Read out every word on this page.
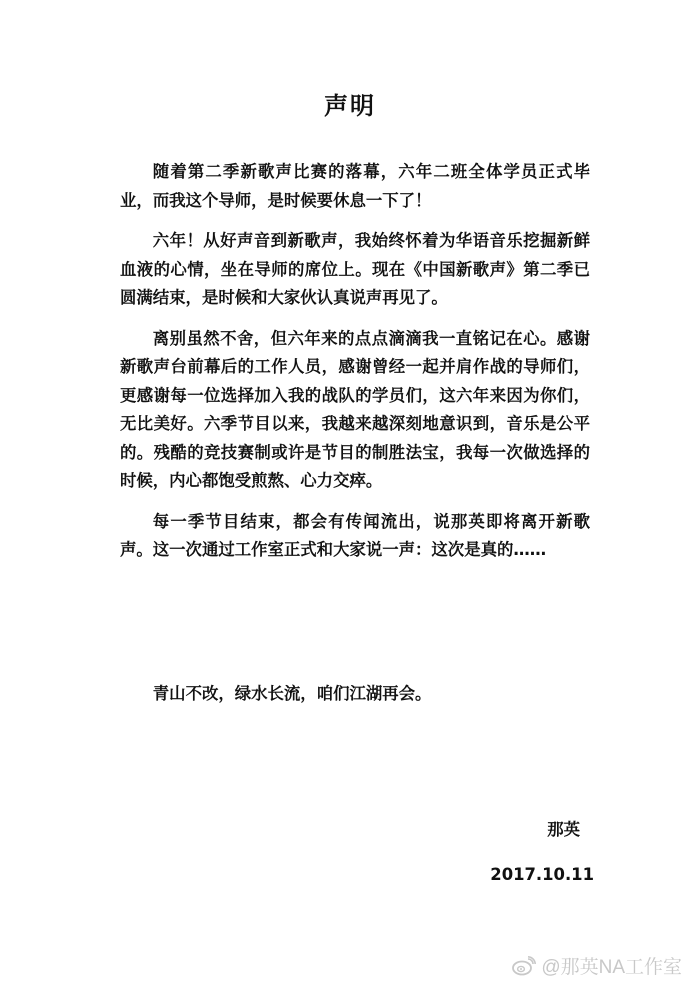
声明

随着第二季新歌声比赛的落幕，六年二班全体学员正式毕业，而我这个导师，是时候要休息一下了！

六年！从好声音到新歌声，我始终怀着为华语音乐挖掘新鲜血液的心情，坐在导师的席位上。现在《中国新歌声》第二季已圆满结束，是时候和大家伙认真说声再见了。

离别虽然不舍，但六年来的点点滴滴我一直铭记在心。感谢新歌声台前幕后的工作人员，感谢曾经一起并肩作战的导师们，更感谢每一位选择加入我的战队的学员们，这六年来因为你们，无比美好。六季节目以来，我越来越深刻地意识到，音乐是公平的。残酷的竞技赛制或许是节目的制胜法宝，我每一次做选择的时候，内心都饱受煎熬、心力交瘁。

每一季节目结束，都会有传闻流出，说那英即将离开新歌声。这一次通过工作室正式和大家说一声：这次是真的……

青山不改，绿水长流，咱们江湖再会。
那英
2017.10.11
@那英NA工作室
